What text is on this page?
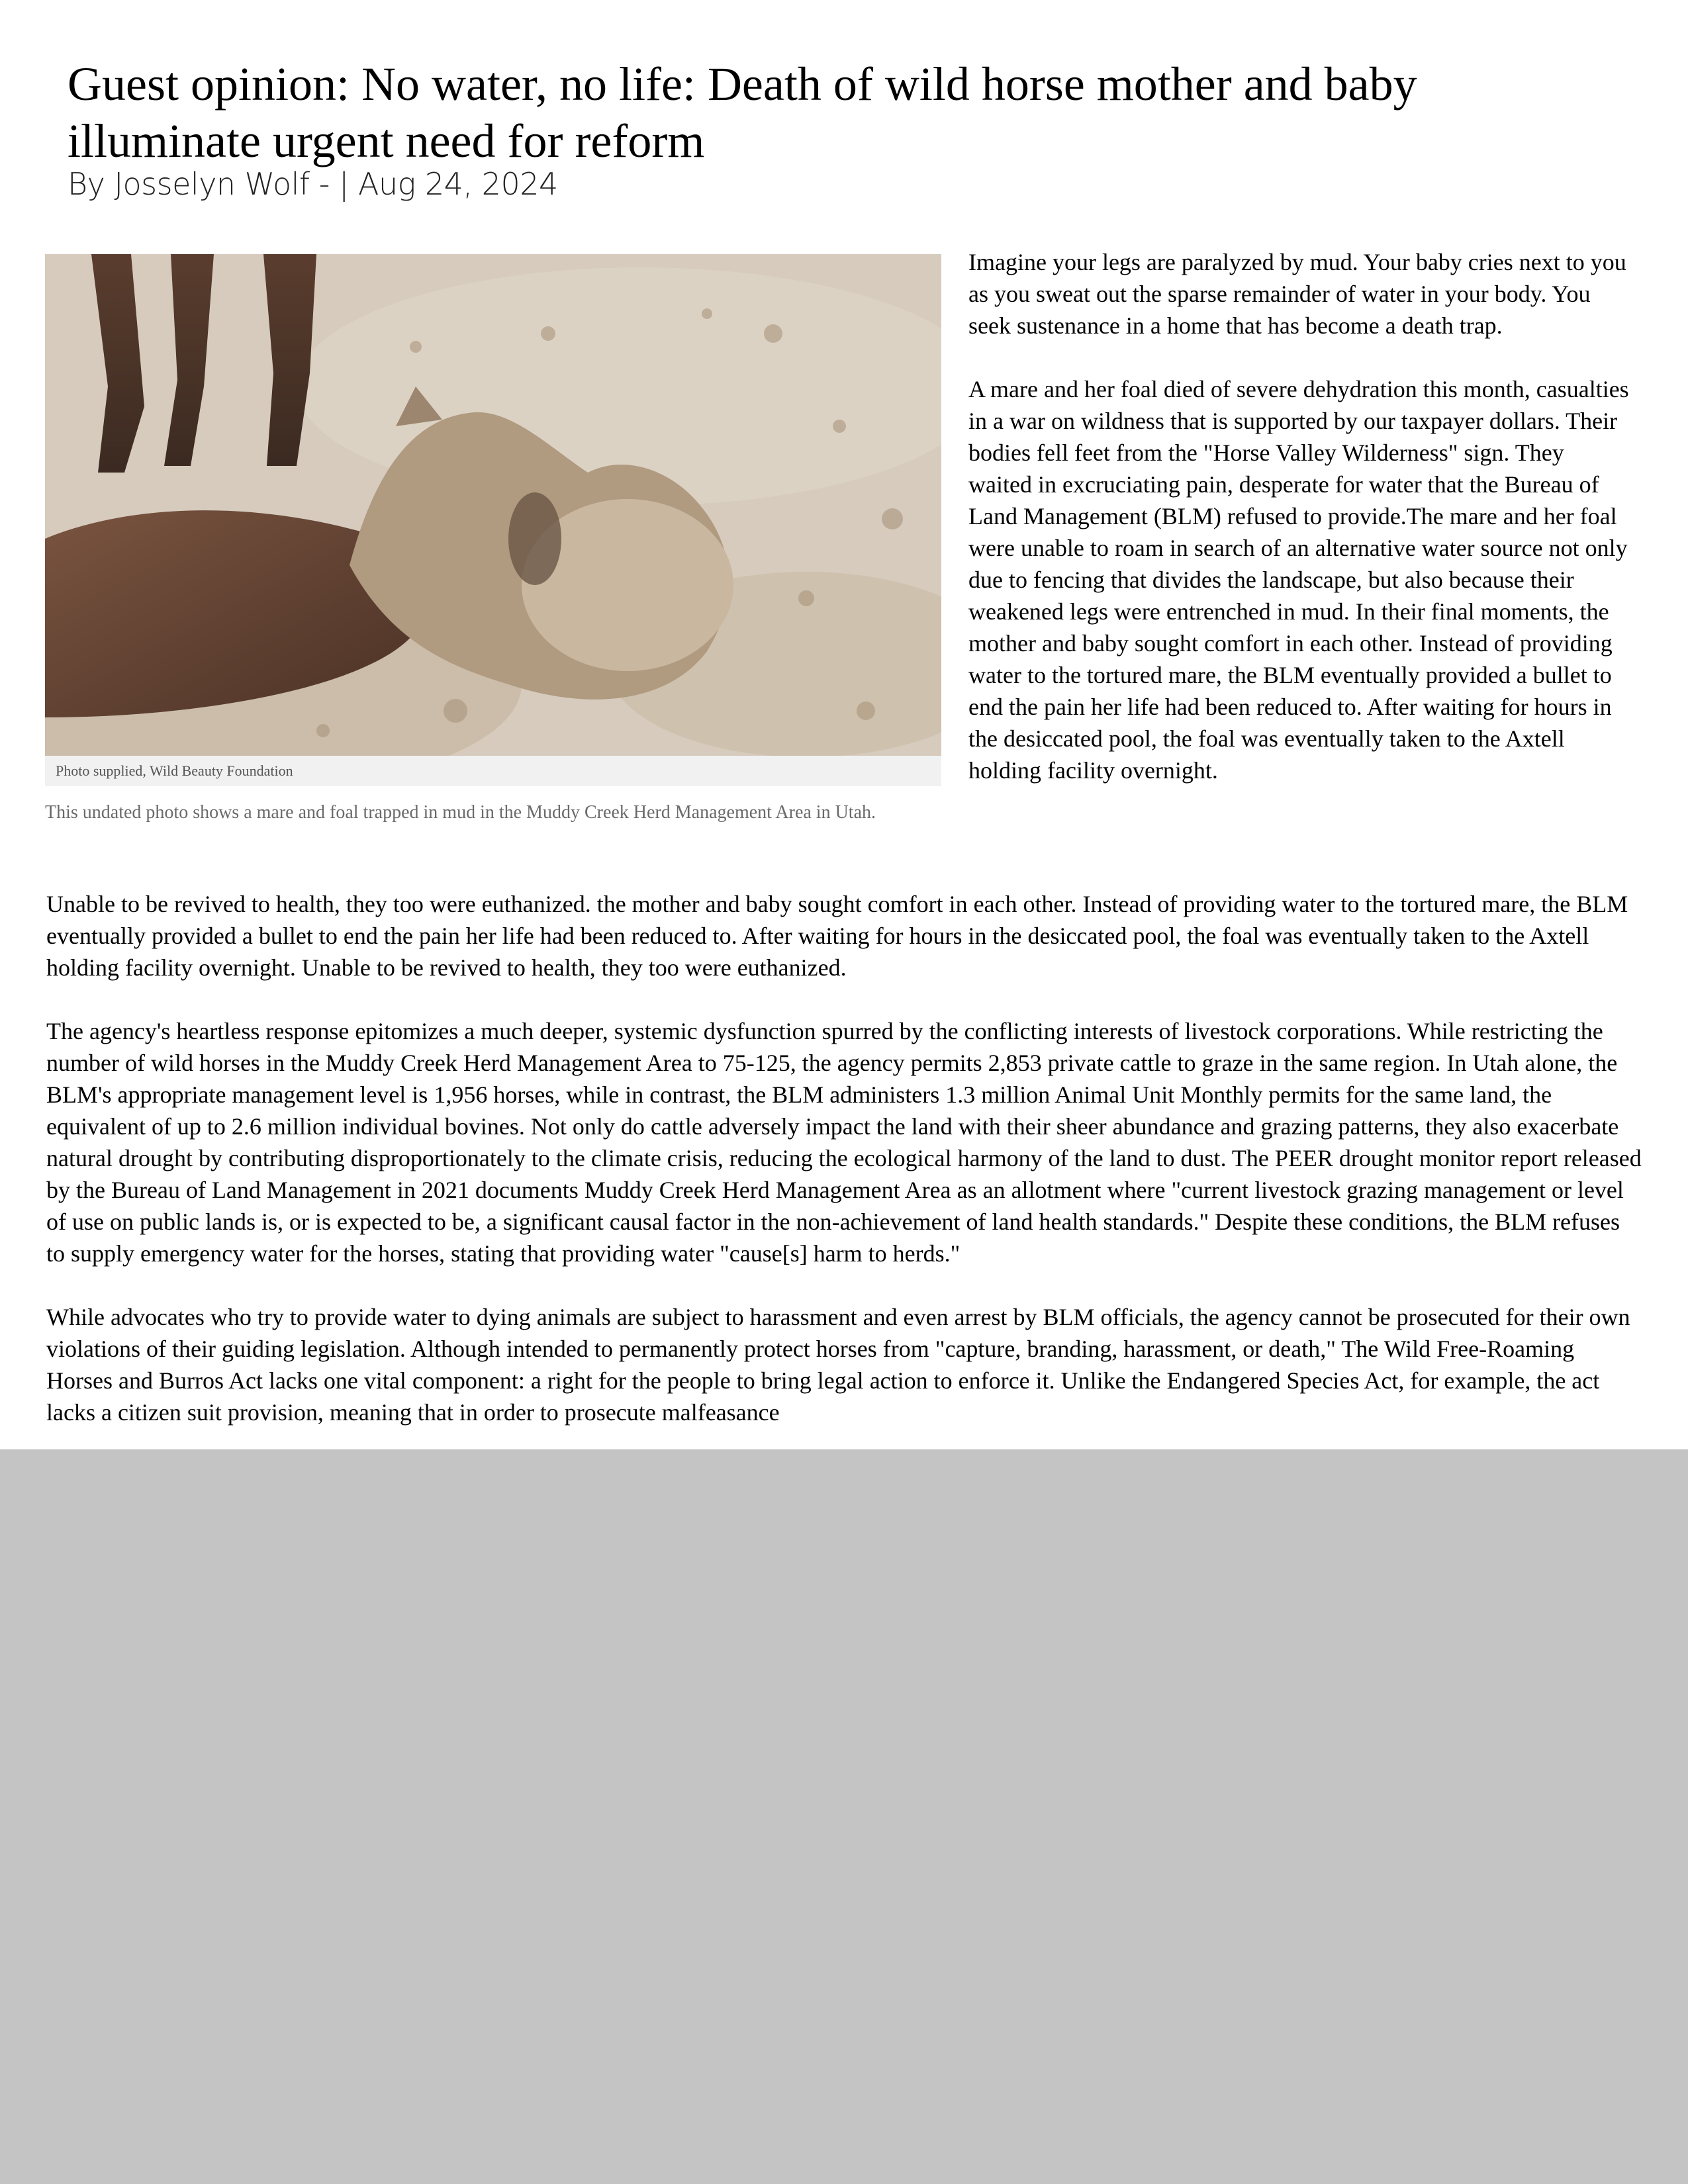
Guest opinion: No water, no life: Death of wild horse mother and baby illuminate urgent need for reform

By Josselyn Wolf - | Aug 24, 2024

Photo supplied, Wild Beauty Foundation
This undated photo shows a mare and foal trapped in mud in the Muddy Creek Herd Management Area in Utah.

Imagine your legs are paralyzed by mud. Your baby cries next to you as you sweat out the sparse remainder of water in your body. You seek sustenance in a home that has become a death trap.

A mare and her foal died of severe dehydration this month, casualties in a war on wildness that is supported by our taxpayer dollars. Their bodies fell feet from the "Horse Valley Wilderness" sign. They waited in excruciating pain, desperate for water that the Bureau of Land Management (BLM) refused to provide.The mare and her foal were unable to roam in search of an alternative water source not only due to fencing that divides the landscape, but also because their weakened legs were entrenched in mud. In their final moments, the mother and baby sought comfort in each other. Instead of providing water to the tortured mare, the BLM eventually provided a bullet to end the pain her life had been reduced to. After waiting for hours in the desiccated pool, the foal was eventually taken to the Axtell holding facility overnight.

Unable to be revived to health, they too were euthanized. the mother and baby sought comfort in each other. Instead of providing water to the tortured mare, the BLM eventually provided a bullet to end the pain her life had been reduced to. After waiting for hours in the desiccated pool, the foal was eventually taken to the Axtell holding facility overnight. Unable to be revived to health, they too were euthanized.

The agency's heartless response epitomizes a much deeper, systemic dysfunction spurred by the conflicting interests of livestock corporations. While restricting the number of wild horses in the Muddy Creek Herd Management Area to 75-125, the agency permits 2,853 private cattle to graze in the same region. In Utah alone, the BLM's appropriate management level is 1,956 horses, while in contrast, the BLM administers 1.3 million Animal Unit Monthly permits for the same land, the equivalent of up to 2.6 million individual bovines. Not only do cattle adversely impact the land with their sheer abundance and grazing patterns, they also exacerbate natural drought by contributing disproportionately to the climate crisis, reducing the ecological harmony of the land to dust. The PEER drought monitor report released by the Bureau of Land Management in 2021 documents Muddy Creek Herd Management Area as an allotment where "current livestock grazing management or level of use on public lands is, or is expected to be, a significant causal factor in the non-achievement of land health standards." Despite these conditions, the BLM refuses to supply emergency water for the horses, stating that providing water "cause[s] harm to herds."

While advocates who try to provide water to dying animals are subject to harassment and even arrest by BLM officials, the agency cannot be prosecuted for their own violations of their guiding legislation. Although intended to permanently protect horses from "capture, branding, harassment, or death," The Wild Free-Roaming Horses and Burros Act lacks one vital component: a right for the people to bring legal action to enforce it. Unlike the Endangered Species Act, for example, the act lacks a citizen suit provision, meaning that in order to prosecute malfeasance
